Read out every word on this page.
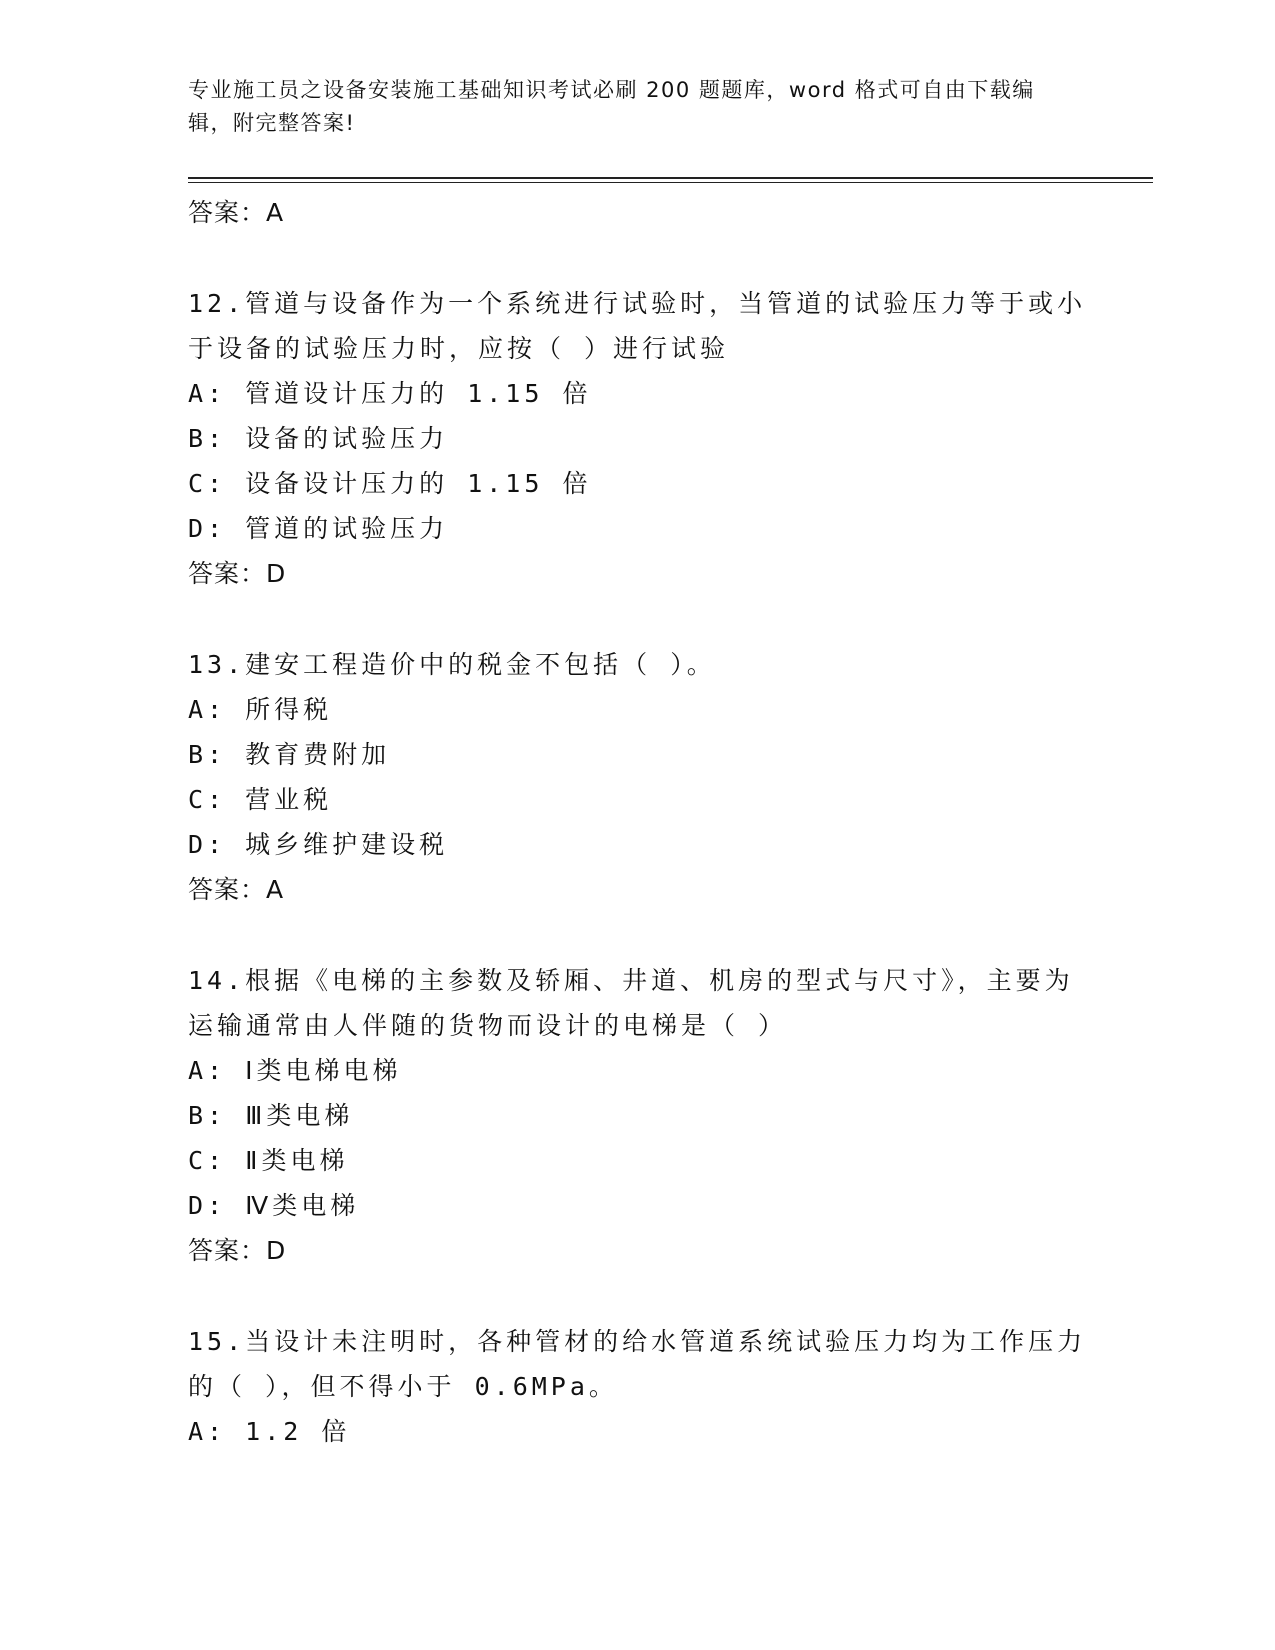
专业施工员之设备安装施工基础知识考试必刷 200 题题库，word 格式可自由下载编辑，附完整答案!
答案：A
12.管道与设备作为一个系统进行试验时，当管道的试验压力等于或小于设备的试验压力时，应按（ ）进行试验
A: 管道设计压力的 1.15 倍
B: 设备的试验压力
C: 设备设计压力的 1.15 倍
D: 管道的试验压力
答案：D
13.建安工程造价中的税金不包括（ ）。
A: 所得税
B: 教育费附加
C: 营业税
D: 城乡维护建设税
答案：A
14.根据《电梯的主参数及轿厢、井道、机房的型式与尺寸》，主要为运输通常由人伴随的货物而设计的电梯是（ ）
A: Ⅰ类电梯电梯
B: Ⅲ类电梯
C: Ⅱ类电梯
D: Ⅳ类电梯
答案：D
15.当设计未注明时，各种管材的给水管道系统试验压力均为工作压力的（ ），但不得小于 0.6MPa。
A: 1.2 倍
